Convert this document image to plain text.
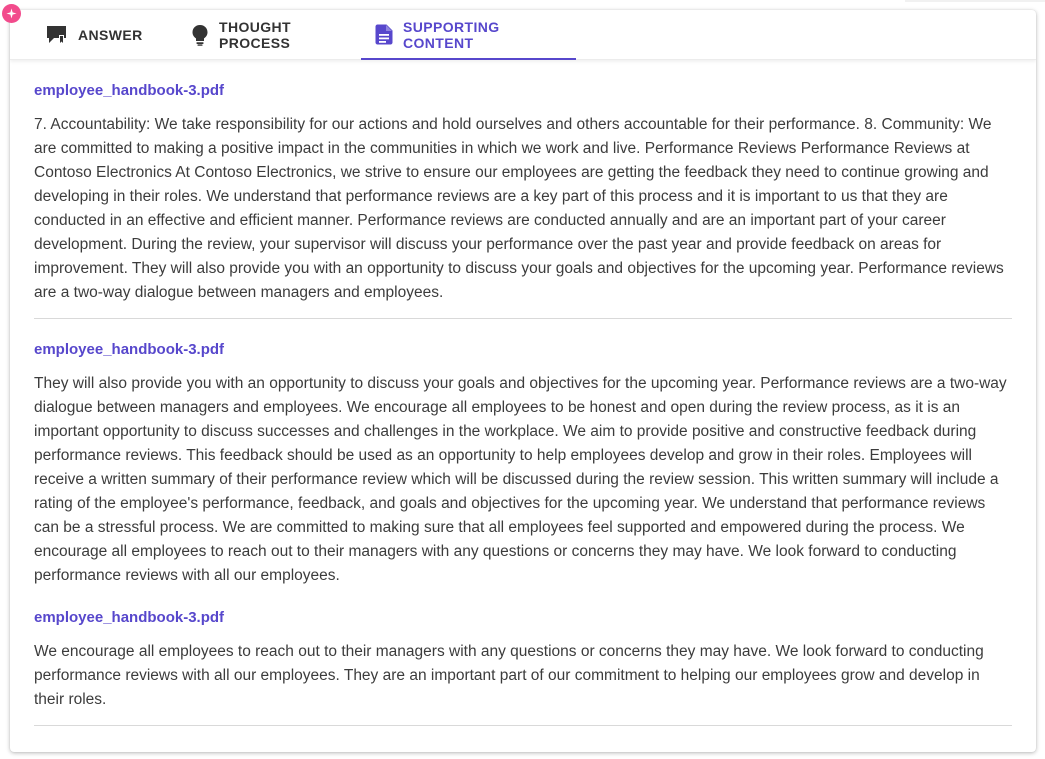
ANSWER	THOUGHT PROCESS
SUPPORTING CONTENT
employee_handbook-3.pdf

7. Accountability: We take responsibility for our actions and hold ourselves and others accountable for their performance. 8. Community: We are committed to making a positive impact in the communities in which we work and live. Performance Reviews Performance Reviews at Contoso Electronics At Contoso Electronics, we strive to ensure our employees are getting the feedback they need to continue growing and developing in their roles. We understand that performance reviews are a key part of this process and it is important to us that they are conducted in an effective and efficient manner. Performance reviews are conducted annually and are an important part of your career development. During the review, your supervisor will discuss your performance over the past year and provide feedback on areas for improvement. They will also provide you with an opportunity to discuss your goals and objectives for the upcoming year. Performance reviews are a two-way dialogue between managers and employees.

employee_handbook-3.pdf

They will also provide you with an opportunity to discuss your goals and objectives for the upcoming year. Performance reviews are a two-way dialogue between managers and employees. We encourage all employees to be honest and open during the review process, as it is an important opportunity to discuss successes and challenges in the workplace. We aim to provide positive and constructive feedback during performance reviews. This feedback should be used as an opportunity to help employees develop and grow in their roles. Employees will receive a written summary of their performance review which will be discussed during the review session. This written summary will include a rating of the employee's performance, feedback, and goals and objectives for the upcoming year. We understand that performance reviews can be a stressful process. We are committed to making sure that all employees feel supported and empowered during the process. We encourage all employees to reach out to their managers with any questions or concerns they may have. We look forward to conducting performance reviews with all our employees.

employee_handbook-3.pdf

We encourage all employees to reach out to their managers with any questions or concerns they may have. We look forward to conducting performance reviews with all our employees. They are an important part of our commitment to helping our employees grow and develop in their roles.
